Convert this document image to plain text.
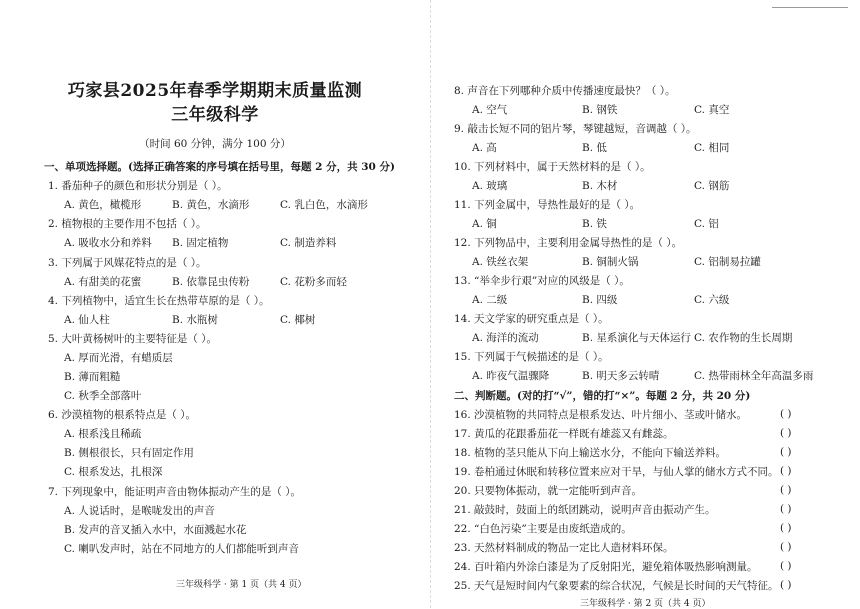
巧家县2025年春季学期期末质量监测
三年级科学
（时间 60 分钟，满分 100 分）
一、单项选择题。(选择正确答案的序号填在括号里，每题 2 分，共 30 分)
1. 番茄种子的颜色和形状分别是（ ）。
A. 黄色，橄榄形	B. 黄色，水滴形	C. 乳白色，水滴形
2. 植物根的主要作用不包括（ ）。
A. 吸收水分和养料 B. 固定植物	C. 制造养料
3. 下列属于风媒花特点的是（ ）。
A. 有甜美的花蜜	B. 依靠昆虫传粉	C. 花粉多而轻
4. 下列植物中，适宜生长在热带草原的是（ ）。
A. 仙人柱	B. 水瓶树	C. 椰树
5. 大叶黄杨树叶的主要特征是（ ）。
A. 厚而光滑，有蜡质层
B. 薄而粗糙
C. 秋季全部落叶
6. 沙漠植物的根系特点是（ ）。
A. 根系浅且稀疏
B. 侧根很长，只有固定作用
C. 根系发达，扎根深
7. 下列现象中，能证明声音由物体振动产生的是（ ）。
A. 人说话时，是喉咙发出的声音
B. 发声的音叉插入水中，水面溅起水花
C. 喇叭发声时，站在不同地方的人们都能听到声音
三年级科学 · 第 1 页（共 4 页）
8. 声音在下列哪种介质中传播速度最快？（ ）。
A. 空气	B. 钢铁	C. 真空
9. 敲击长短不同的铝片琴，琴键越短，音调越（ ）。
A. 高	B. 低	C. 相同
10. 下列材料中，属于天然材料的是（ ）。
A. 玻璃	B. 木材	C. 钢筋
11. 下列金属中，导热性最好的是（ ）。
A. 铜	B. 铁	C. 铝
12. 下列物品中，主要利用金属导热性的是（ ）。
A. 铁丝衣架	B. 铜制火锅	C. 铝制易拉罐
13. “举伞步行艰”对应的风级是（ ）。
A. 二级	B. 四级	C. 六级
14. 天文学家的研究重点是（ ）。
A. 海洋的流动	B. 星系演化与天体运行 C. 农作物的生长周期
15. 下列属于气候描述的是（ ）。
A. 昨夜气温骤降	B. 明天多云转晴	C. 热带雨林全年高温多雨
二、判断题。(对的打“√”，错的打“×”。每题 2 分，共 20 分)
16. 沙漠植物的共同特点是根系发达、叶片细小、茎或叶储水。	( )
17. 黄瓜的花跟番茄花一样既有雄蕊又有雌蕊。	( )
18. 植物的茎只能从下向上输送水分，不能向下输送养料。	( )
19. 卷柏通过休眠和转移位置来应对干旱，与仙人掌的储水方式不同。 ( )
20. 只要物体振动，就一定能听到声音。	( )
21. 敲鼓时，鼓面上的纸团跳动，说明声音由振动产生。	( )
22. “白色污染”主要是由废纸造成的。	( )
23. 天然材料制成的物品一定比人造材料环保。	( )
24. 百叶箱内外涂白漆是为了反射阳光，避免箱体吸热影响测量。 ( )
25. 天气是短时间内气象要素的综合状况，气候是长时间的天气特征。 ( )
三年级科学 · 第 2 页（共 4 页）
